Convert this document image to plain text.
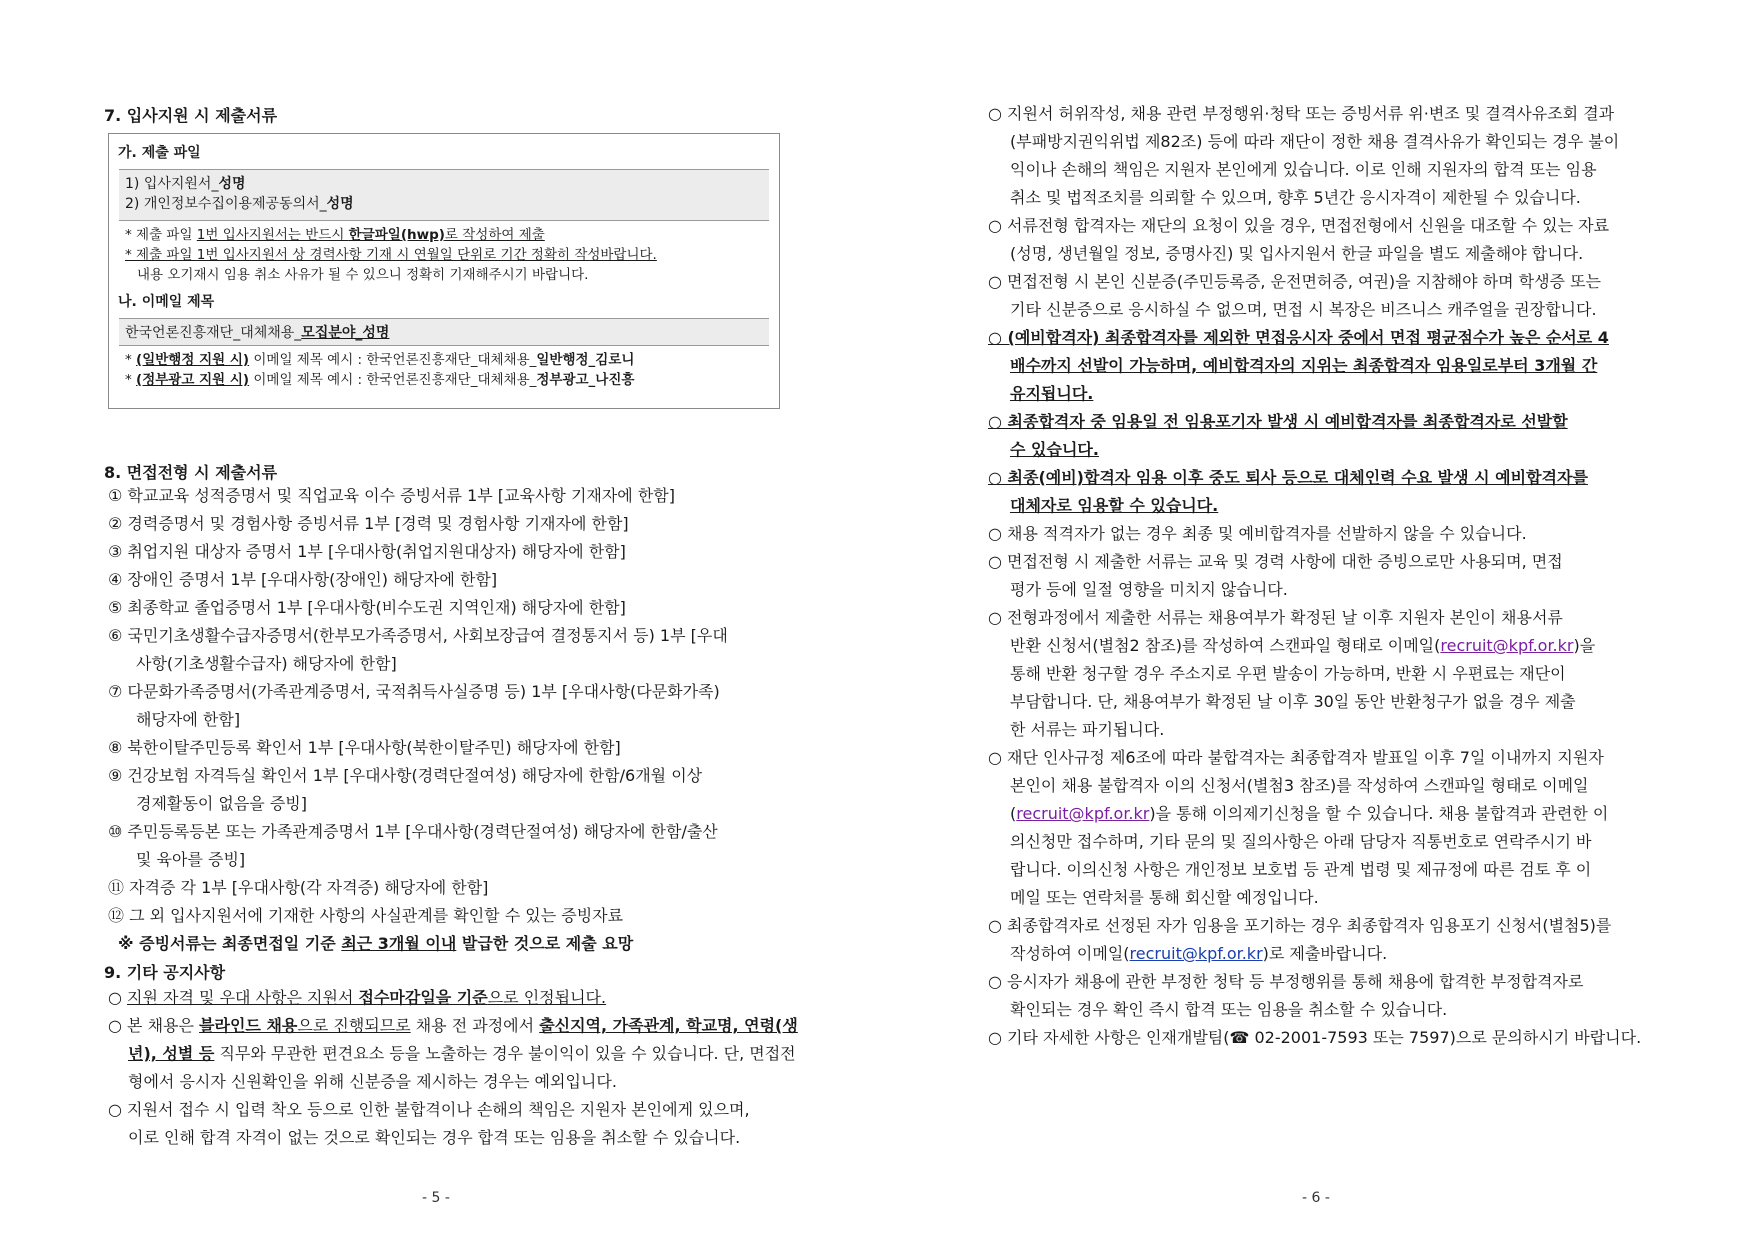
7. 입사지원 시 제출서류
가. 제출 파일
1) 입사지원서_성명
2) 개인정보수집이용제공동의서_성명
* 제출 파일 1번 입사지원서는 반드시 한글파일(hwp)로 작성하여 제출
* 제출 파일 1번 입사지원서 상 경력사항 기재 시 연월일 단위로 기간 정확히 작성바랍니다.
내용 오기재시 임용 취소 사유가 될 수 있으니 정확히 기재해주시기 바랍니다.
나. 이메일 제목
한국언론진흥재단_대체채용_모집분야_성명
* (일반행정 지원 시) 이메일 제목 예시 : 한국언론진흥재단_대체채용_일반행정_김로니
* (정부광고 지원 시) 이메일 제목 예시 : 한국언론진흥재단_대체채용_정부광고_나진흥
8. 면접전형 시 제출서류
① 학교교육 성적증명서 및 직업교육 이수 증빙서류 1부 [교육사항 기재자에 한함]
② 경력증명서 및 경험사항 증빙서류 1부 [경력 및 경험사항 기재자에 한함]
③ 취업지원 대상자 증명서 1부 [우대사항(취업지원대상자) 해당자에 한함]
④ 장애인 증명서 1부 [우대사항(장애인) 해당자에 한함]
⑤ 최종학교 졸업증명서 1부 [우대사항(비수도권 지역인재) 해당자에 한함]
⑥ 국민기초생활수급자증명서(한부모가족증명서, 사회보장급여 결정통지서 등) 1부 [우대
사항(기초생활수급자) 해당자에 한함]
⑦ 다문화가족증명서(가족관계증명서, 국적취득사실증명 등) 1부 [우대사항(다문화가족)
해당자에 한함]
⑧ 북한이탈주민등록 확인서 1부 [우대사항(북한이탈주민) 해당자에 한함]
⑨ 건강보험 자격득실 확인서 1부 [우대사항(경력단절여성) 해당자에 한함/6개월 이상
경제활동이 없음을 증빙]
⑩ 주민등록등본 또는 가족관계증명서 1부 [우대사항(경력단절여성) 해당자에 한함/출산
및 육아를 증빙]
⑪ 자격증 각 1부 [우대사항(각 자격증) 해당자에 한함]
⑫ 그 외 입사지원서에 기재한 사항의 사실관계를 확인할 수 있는 증빙자료
※ 증빙서류는 최종면접일 기준 최근 3개월 이내 발급한 것으로 제출 요망
9. 기타 공지사항
○ 지원 자격 및 우대 사항은 지원서 접수마감일을 기준으로 인정됩니다.
○ 본 채용은 블라인드 채용으로 진행되므로 채용 전 과정에서 출신지역, 가족관계, 학교명, 연령(생
년), 성별 등 직무와 무관한 편견요소 등을 노출하는 경우 불이익이 있을 수 있습니다. 단, 면접전
형에서 응시자 신원확인을 위해 신분증을 제시하는 경우는 예외입니다.
○ 지원서 접수 시 입력 착오 등으로 인한 불합격이나 손해의 책임은 지원자 본인에게 있으며,
이로 인해 합격 자격이 없는 것으로 확인되는 경우 합격 또는 임용을 취소할 수 있습니다.
- 5 -
○ 지원서 허위작성, 채용 관련 부정행위·청탁 또는 증빙서류 위·변조 및 결격사유조회 결과
(부패방지권익위법 제82조) 등에 따라 재단이 정한 채용 결격사유가 확인되는 경우 불이
익이나 손해의 책임은 지원자 본인에게 있습니다. 이로 인해 지원자의 합격 또는 임용
취소 및 법적조치를 의뢰할 수 있으며, 향후 5년간 응시자격이 제한될 수 있습니다.
○ 서류전형 합격자는 재단의 요청이 있을 경우, 면접전형에서 신원을 대조할 수 있는 자료
(성명, 생년월일 정보, 증명사진) 및 입사지원서 한글 파일을 별도 제출해야 합니다.
○ 면접전형 시 본인 신분증(주민등록증, 운전면허증, 여권)을 지참해야 하며 학생증 또는
기타 신분증으로 응시하실 수 없으며, 면접 시 복장은 비즈니스 캐주얼을 권장합니다.
○ (예비합격자) 최종합격자를 제외한 면접응시자 중에서 면접 평균점수가 높은 순서로 4
배수까지 선발이 가능하며, 예비합격자의 지위는 최종합격자 임용일로부터 3개월 간
유지됩니다.
○ 최종합격자 중 임용일 전 임용포기자 발생 시 예비합격자를 최종합격자로 선발할
수 있습니다.
○ 최종(예비)합격자 임용 이후 중도 퇴사 등으로 대체인력 수요 발생 시 예비합격자를
대체자로 임용할 수 있습니다.
○ 채용 적격자가 없는 경우 최종 및 예비합격자를 선발하지 않을 수 있습니다.
○ 면접전형 시 제출한 서류는 교육 및 경력 사항에 대한 증빙으로만 사용되며, 면접
평가 등에 일절 영향을 미치지 않습니다.
○ 전형과정에서 제출한 서류는 채용여부가 확정된 날 이후 지원자 본인이 채용서류
반환 신청서(별첨2 참조)를 작성하여 스캔파일 형태로 이메일(recruit@kpf.or.kr)을
통해 반환 청구할 경우 주소지로 우편 발송이 가능하며, 반환 시 우편료는 재단이
부담합니다. 단, 채용여부가 확정된 날 이후 30일 동안 반환청구가 없을 경우 제출
한 서류는 파기됩니다.
○ 재단 인사규정 제6조에 따라 불합격자는 최종합격자 발표일 이후 7일 이내까지 지원자
본인이 채용 불합격자 이의 신청서(별첨3 참조)를 작성하여 스캔파일 형태로 이메일
(recruit@kpf.or.kr)을 통해 이의제기신청을 할 수 있습니다. 채용 불합격과 관련한 이
의신청만 접수하며, 기타 문의 및 질의사항은 아래 담당자 직통번호로 연락주시기 바
랍니다. 이의신청 사항은 개인정보 보호법 등 관계 법령 및 제규정에 따른 검토 후 이
메일 또는 연락처를 통해 회신할 예정입니다.
○ 최종합격자로 선정된 자가 임용을 포기하는 경우 최종합격자 임용포기 신청서(별첨5)를
작성하여 이메일(recruit@kpf.or.kr)로 제출바랍니다.
○ 응시자가 채용에 관한 부정한 청탁 등 부정행위를 통해 채용에 합격한 부정합격자로
확인되는 경우 확인 즉시 합격 또는 임용을 취소할 수 있습니다.
○ 기타 자세한 사항은 인재개발팀(☎ 02-2001-7593 또는 7597)으로 문의하시기 바랍니다.
- 6 -
